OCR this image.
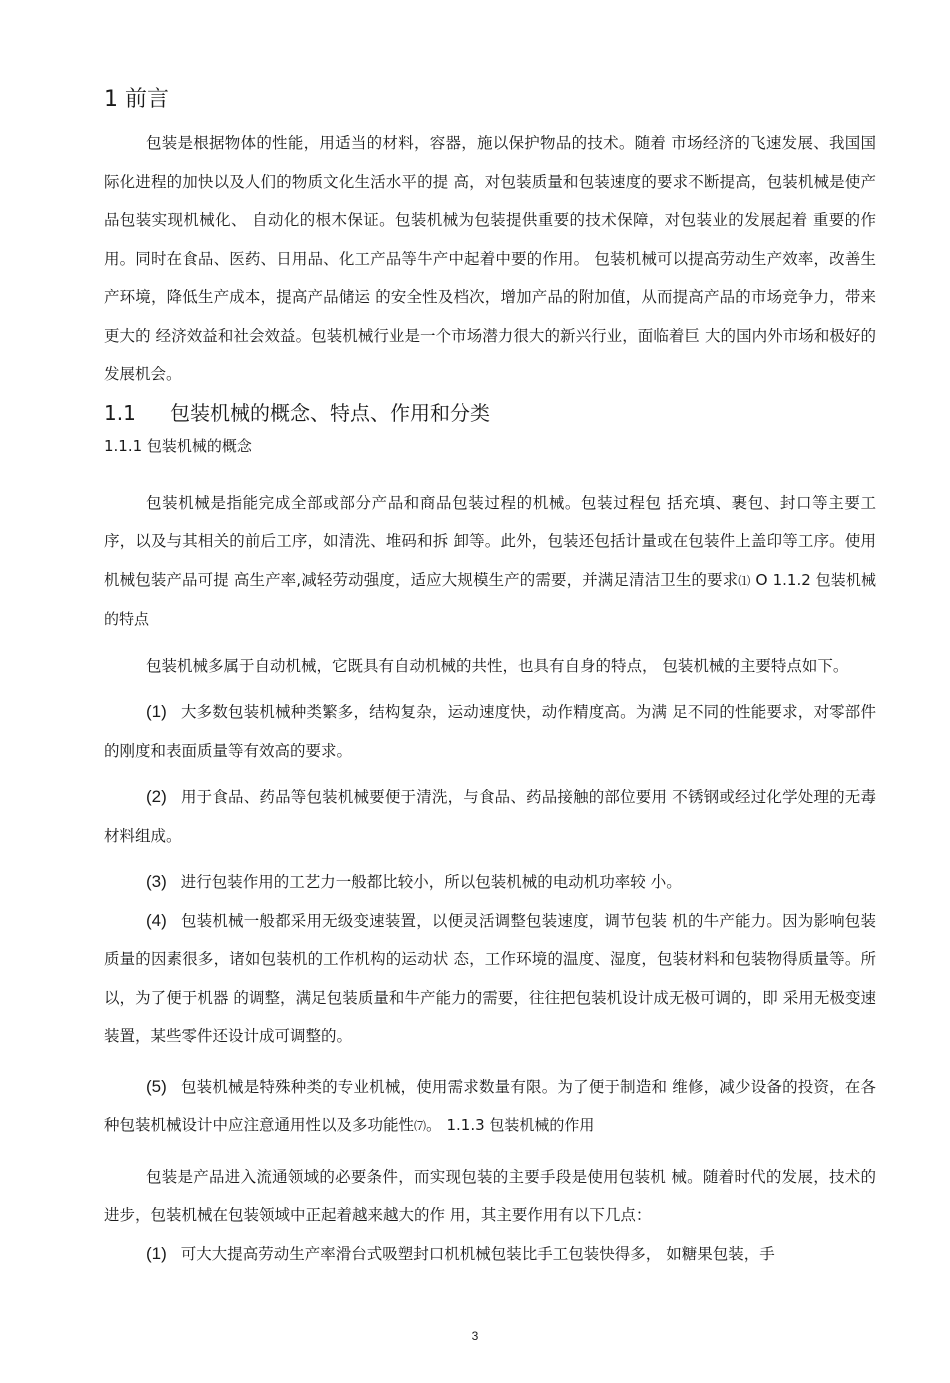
1 前言

包装是根据物体的性能，用适当的材料，容器，施以保护物品的技术。随着 市场经济的飞速发展、我国国际化进程的加快以及人们的物质文化生活水平的提 高，对包装质量和包装速度的要求不断提高，包装机械是使产品包装实现机械化、 自动化的根木保证。包装机械为包装提供重要的技术保障，对包装业的发展起着 重要的作用。同时在食品、医药、日用品、化工产品等牛产中起着中要的作用。 包装机械可以提高劳动生产效率，改善生产环境，降低生产成本，提高产品储运 的安全性及档次，增加产品的附加值，从而提高产品的市场竞争力，带来更大的 经济效益和社会效益。包装机械行业是一个市场潜力很大的新兴行业，面临着巨 大的国内外市场和极好的发展机会。

1.1	包装机械的概念、特点、作用和分类
1.1.1 包装机械的概念

包装机械是指能完成全部或部分产品和商品包装过程的机械。包装过程包 括充填、裹包、封口等主要工序，以及与其相关的前后工序，如清洗、堆码和拆 卸等。此外，包装还包括计量或在包装件上盖印等工序。使用机械包装产品可提 高生产率,减轻劳动强度，适应大规模生产的需要，并满足清洁卫生的要求⑴ O 1.1.2 包装机械的特点

包装机械多属于自动机械，它既具有自动机械的共性，也具有自身的特点， 包装机械的主要特点如下。

(1) 大多数包装机械种类繁多，结构复杂，运动速度快，动作精度高。为满 足不同的性能要求，对零部件的刚度和表面质量等有效高的要求。

(2) 用于食品、药品等包装机械要便于清洗，与食品、药品接触的部位要用 不锈钢或经过化学处理的无毒材料组成。

(3) 进行包装作用的工艺力一般都比较小，所以包装机械的电动机功率较 小。

(4) 包装机械一般都采用无级变速装置，以便灵活调整包装速度，调节包装 机的牛产能力。因为影响包装质量的因素很多，诸如包装机的工作机构的运动状 态，工作环境的温度、湿度，包装材料和包装物得质量等。所以，为了便于机器 的调整，满足包装质量和牛产能力的需要，往往把包装机设计成无极可调的，即 采用无极变速装置，某些零件还设计成可调整的。

(5) 包装机械是特殊种类的专业机械，使用需求数量有限。为了便于制造和 维修，减少设备的投资，在各种包装机械设计中应注意通用性以及多功能性⑺。 1.1.3 包装机械的作用

包装是产品进入流通领域的必要条件，而实现包装的主要手段是使用包装机 械。随着时代的发展，技术的进步，包装机械在包装领域中正起着越来越大的作 用，其主要作用有以下几点：

(1) 可大大提高劳动生产率滑台式吸塑封口机机械包装比手工包装快得多， 如糖果包装，手

3
